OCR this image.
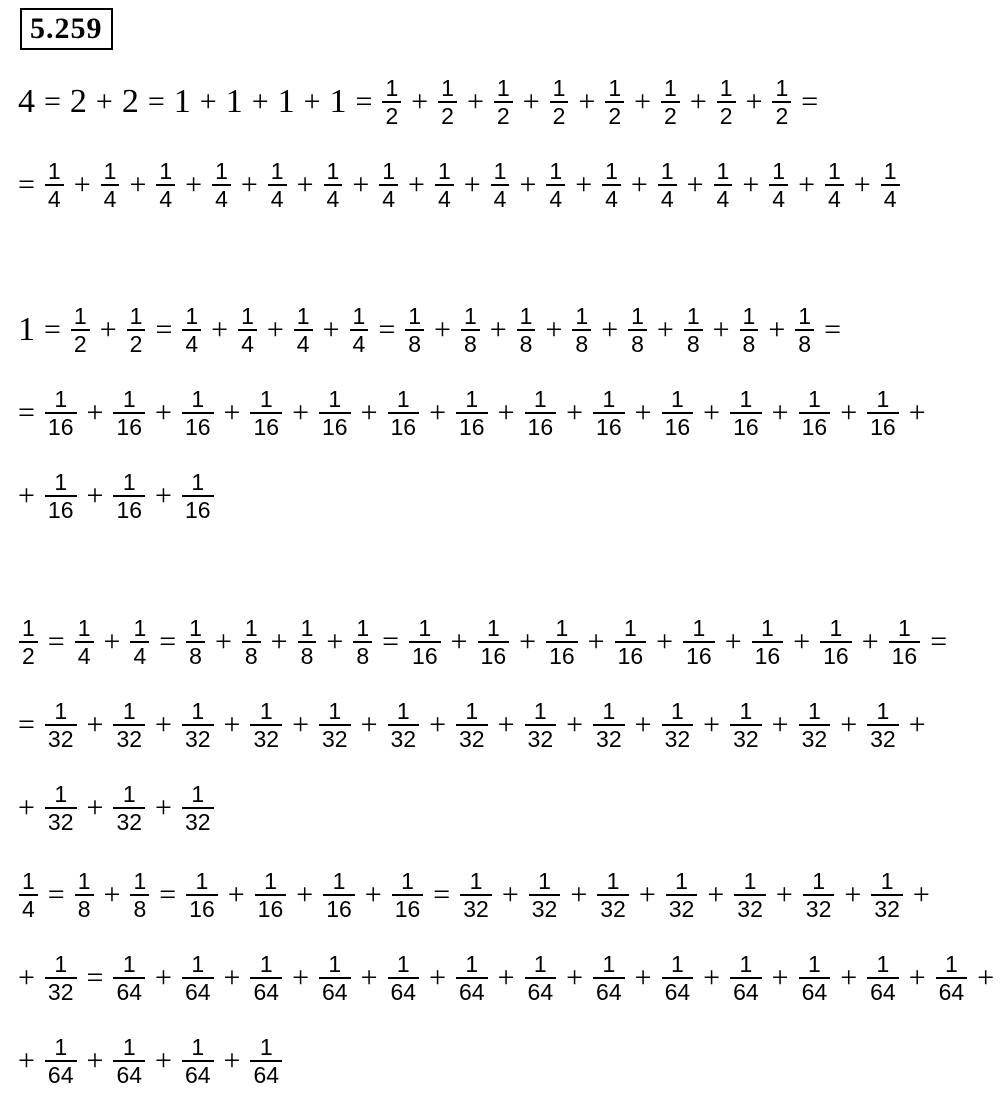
5.259
$4 = 2 + 2 = 1 + 1 + 1 + 1 = \frac{1}{2} + \frac{1}{2} + \frac{1}{2} + \frac{1}{2} + \frac{1}{2} + \frac{1}{2} + \frac{1}{2} + \frac{1}{2}$ =
= $\frac{1}{4} + \frac{1}{4} + \frac{1}{4} + \frac{1}{4} + \frac{1}{4} + \frac{1}{4} + \frac{1}{4} + \frac{1}{4} + \frac{1}{4} + \frac{1}{4} + \frac{1}{4} + \frac{1}{4} + \frac{1}{4} + \frac{1}{4} + \frac{1}{4} + \frac{1}{4}$
$1 = \frac{1}{2} + \frac{1}{2} = \frac{1}{4} + \frac{1}{4} + \frac{1}{4} + \frac{1}{4} = \frac{1}{8} + \frac{1}{8} + \frac{1}{8} + \frac{1}{8} + \frac{1}{8} + \frac{1}{8} + \frac{1}{8} + \frac{1}{8}$ =
= $\frac{1}{16} + \frac{1}{16} + \frac{1}{16} + \frac{1}{16} + \frac{1}{16} + \frac{1}{16} + \frac{1}{16} + \frac{1}{16} + \frac{1}{16} + \frac{1}{16} + \frac{1}{16} + \frac{1}{16} + \frac{1}{16}$ +
+ $\frac{1}{16} + \frac{1}{16} + \frac{1}{16}$
$\frac{1}{2} = \frac{1}{4} + \frac{1}{4} = \frac{1}{8} + \frac{1}{8} + \frac{1}{8} + \frac{1}{8} = \frac{1}{16} + \frac{1}{16} + \frac{1}{16} + \frac{1}{16} + \frac{1}{16} + \frac{1}{16} + \frac{1}{16} + \frac{1}{16}$ =
= $\frac{1}{32} + \frac{1}{32} + \frac{1}{32} + \frac{1}{32} + \frac{1}{32} + \frac{1}{32} + \frac{1}{32} + \frac{1}{32} + \frac{1}{32} + \frac{1}{32} + \frac{1}{32} + \frac{1}{32} + \frac{1}{32}$ +
+ $\frac{1}{32} + \frac{1}{32} + \frac{1}{32}$
$\frac{1}{4} = \frac{1}{8} + \frac{1}{8} = \frac{1}{16} + \frac{1}{16} + \frac{1}{16} + \frac{1}{16} = \frac{1}{32} + \frac{1}{32} + \frac{1}{32} + \frac{1}{32} + \frac{1}{32} + \frac{1}{32} + \frac{1}{32}$ +
+ $\frac{1}{32} = \frac{1}{64} + \frac{1}{64} + \frac{1}{64} + \frac{1}{64} + \frac{1}{64} + \frac{1}{64} + \frac{1}{64} + \frac{1}{64} + \frac{1}{64} + \frac{1}{64} + \frac{1}{64} + \frac{1}{64} + \frac{1}{64}$ +
+ $\frac{1}{64} + \frac{1}{64} + \frac{1}{64} + \frac{1}{64}$
